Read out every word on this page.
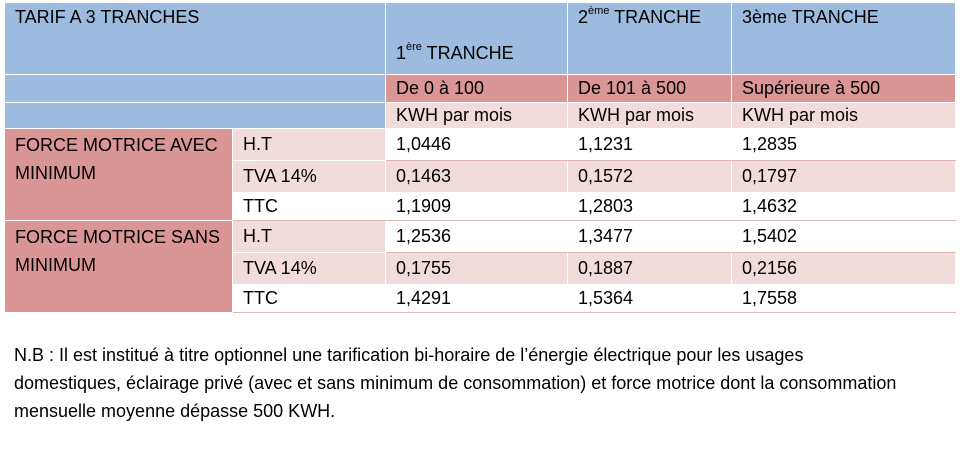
TARIF A 3 TRANCHES		1ère TRANCHE	2ème TRANCHE	3ème TRANCHE
		De 0 à 100	De 101 à 500	Supérieure à 500
		KWH par mois	KWH par mois	KWH par mois
FORCE MOTRICE AVEC MINIMUM	H.T	1,0446	1,1231	1,2835
	TVA 14%	0,1463	0,1572	0,1797
	TTC	1,1909	1,2803	1,4632
FORCE MOTRICE SANS MINIMUM	H.T	1,2536	1,3477	1,5402
	TVA 14%	0,1755	0,1887	0,2156
	TTC	1,4291	1,5364	1,7558

N.B : Il est institué à titre optionnel une tarification bi-horaire de l’énergie électrique pour les usages domestiques, éclairage privé (avec et sans minimum de consommation) et force motrice dont la consommation mensuelle moyenne dépasse 500 KWH.
